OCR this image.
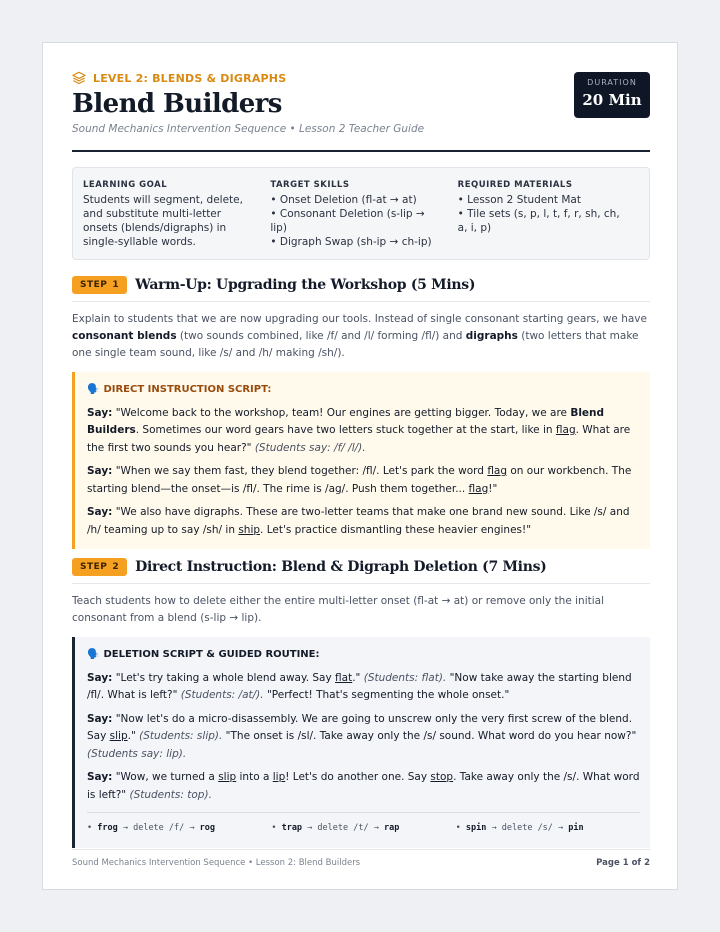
LEVEL 2: BLENDS & DIGRAPHS
Blend Builders
Sound Mechanics Intervention Sequence • Lesson 2 Teacher Guide
DURATION
20 Min
LEARNING GOAL
Students will segment, delete, and substitute multi-letter onsets (blends/digraphs) in single-syllable words.
TARGET SKILLS
• Onset Deletion (fl-at → at)
• Consonant Deletion (s-lip → lip)
• Digraph Swap (sh-ip → ch-ip)
REQUIRED MATERIALS
• Lesson 2 Student Mat
• Tile sets (s, p, l, t, f, r, sh, ch, a, i, p)
STEP 1	Warm-Up: Upgrading the Workshop (5 Mins)
Explain to students that we are now upgrading our tools. Instead of single consonant starting gears, we have consonant blends (two sounds combined, like /f/ and /l/ forming /fl/) and digraphs (two letters that make one single team sound, like /s/ and /h/ making /sh/).
🗣️ DIRECT INSTRUCTION SCRIPT:
Say: "Welcome back to the workshop, team! Our engines are getting bigger. Today, we are Blend Builders. Sometimes our word gears have two letters stuck together at the start, like in flag. What are the first two sounds you hear?" (Students say: /f/ /l/).
Say: "When we say them fast, they blend together: /fl/. Let's park the word flag on our workbench. The starting blend—the onset—is /fl/. The rime is /ag/. Push them together... flag!"
Say: "We also have digraphs. These are two-letter teams that make one brand new sound. Like /s/ and /h/ teaming up to say /sh/ in ship. Let's practice dismantling these heavier engines!"
STEP 2	Direct Instruction: Blend & Digraph Deletion (7 Mins)
Teach students how to delete either the entire multi-letter onset (fl-at → at) or remove only the initial consonant from a blend (s-lip → lip).
🗣️ DELETION SCRIPT & GUIDED ROUTINE:
Say: "Let's try taking a whole blend away. Say flat." (Students: flat). "Now take away the starting blend /fl/. What is left?" (Students: /at/). "Perfect! That's segmenting the whole onset."
Say: "Now let's do a micro-disassembly. We are going to unscrew only the very first screw of the blend. Say slip." (Students: slip). "The onset is /sl/. Take away only the /s/ sound. What word do you hear now?" (Students say: lip).
Say: "Wow, we turned a slip into a lip! Let's do another one. Say stop. Take away only the /s/. What word is left?" (Students: top).
• frog → delete /f/ → rog	• trap → delete /t/ → rap	• spin → delete /s/ → pin
Sound Mechanics Intervention Sequence • Lesson 2: Blend Builders	Page 1 of 2
